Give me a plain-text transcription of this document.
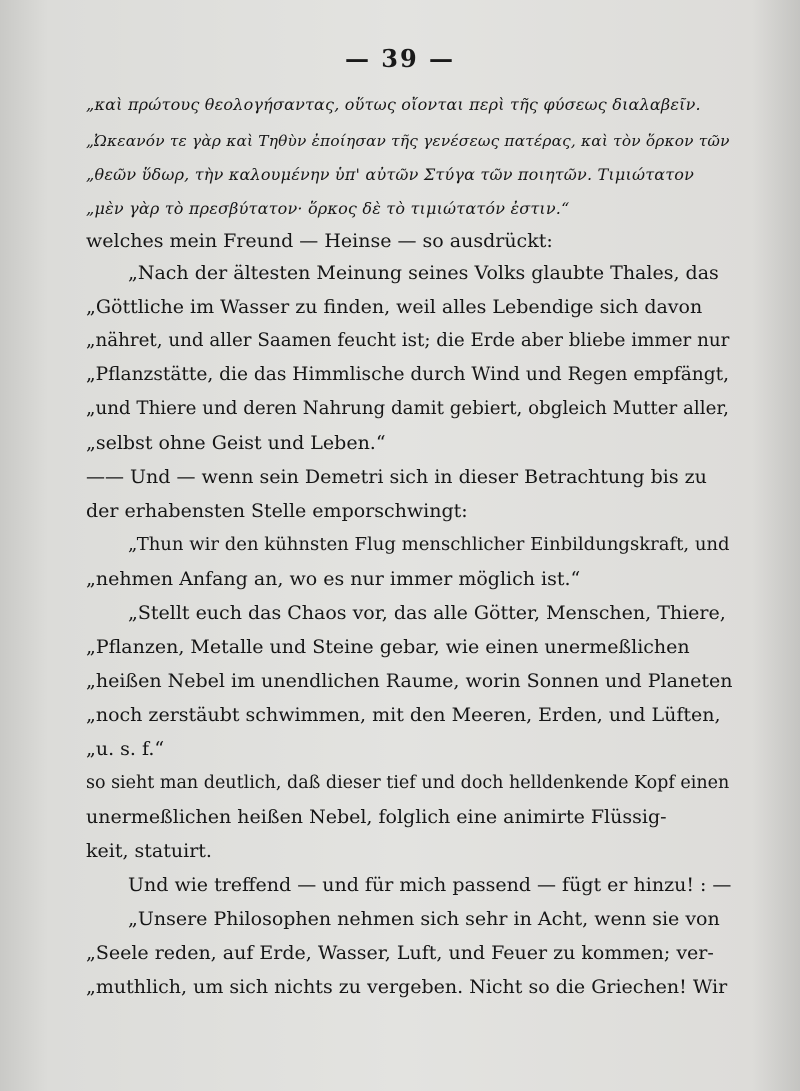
— 39 —
„καὶ πρώτους θεολογήσαντας, οὕτως οἴονται περὶ τῆς φύσεως διαλαβεῖν.
„Ὠκεανόν τε γὰρ καὶ Τηθὺν ἐποίησαν τῆς γενέσεως πατέρας, καὶ τὸν ὅρκον τῶν
„θεῶν ὕδωρ, τὴν καλουμένην ὑπ' αὐτῶν Στύγα τῶν ποιητῶν. Τιμιώτατον
„μὲν γὰρ τὸ πρεσβύτατον· ὅρκος δὲ τὸ τιμιώτατόν ἐστιν.“
welches mein Freund — Heinse — so ausdrückt:
„Nach der ältesten Meinung seines Volks glaubte Thales, das
„Göttliche im Wasser zu finden, weil alles Lebendige sich davon
„nähret, und aller Saamen feucht ist; die Erde aber bliebe immer nur
„Pflanzstätte, die das Himmlische durch Wind und Regen empfängt,
„und Thiere und deren Nahrung damit gebiert, obgleich Mutter aller,
„selbst ohne Geist und Leben.“
—— Und — wenn sein Demetri sich in dieser Betrachtung bis zu
der erhabensten Stelle emporschwingt:
„Thun wir den kühnsten Flug menschlicher Einbildungskraft, und
„nehmen Anfang an, wo es nur immer möglich ist.“
„Stellt euch das Chaos vor, das alle Götter, Menschen, Thiere,
„Pflanzen, Metalle und Steine gebar, wie einen unermeßlichen
„heißen Nebel im unendlichen Raume, worin Sonnen und Planeten
„noch zerstäubt schwimmen, mit den Meeren, Erden, und Lüften,
„u. s. f.“
so sieht man deutlich, daß dieser tief und doch helldenkende Kopf einen
unermeßlichen heißen Nebel, folglich eine animirte Flüssig-
keit, statuirt.
Und wie treffend — und für mich passend — fügt er hinzu! : —
„Unsere Philosophen nehmen sich sehr in Acht, wenn sie von
„Seele reden, auf Erde, Wasser, Luft, und Feuer zu kommen; ver-
„muthlich, um sich nichts zu vergeben. Nicht so die Griechen! Wir
